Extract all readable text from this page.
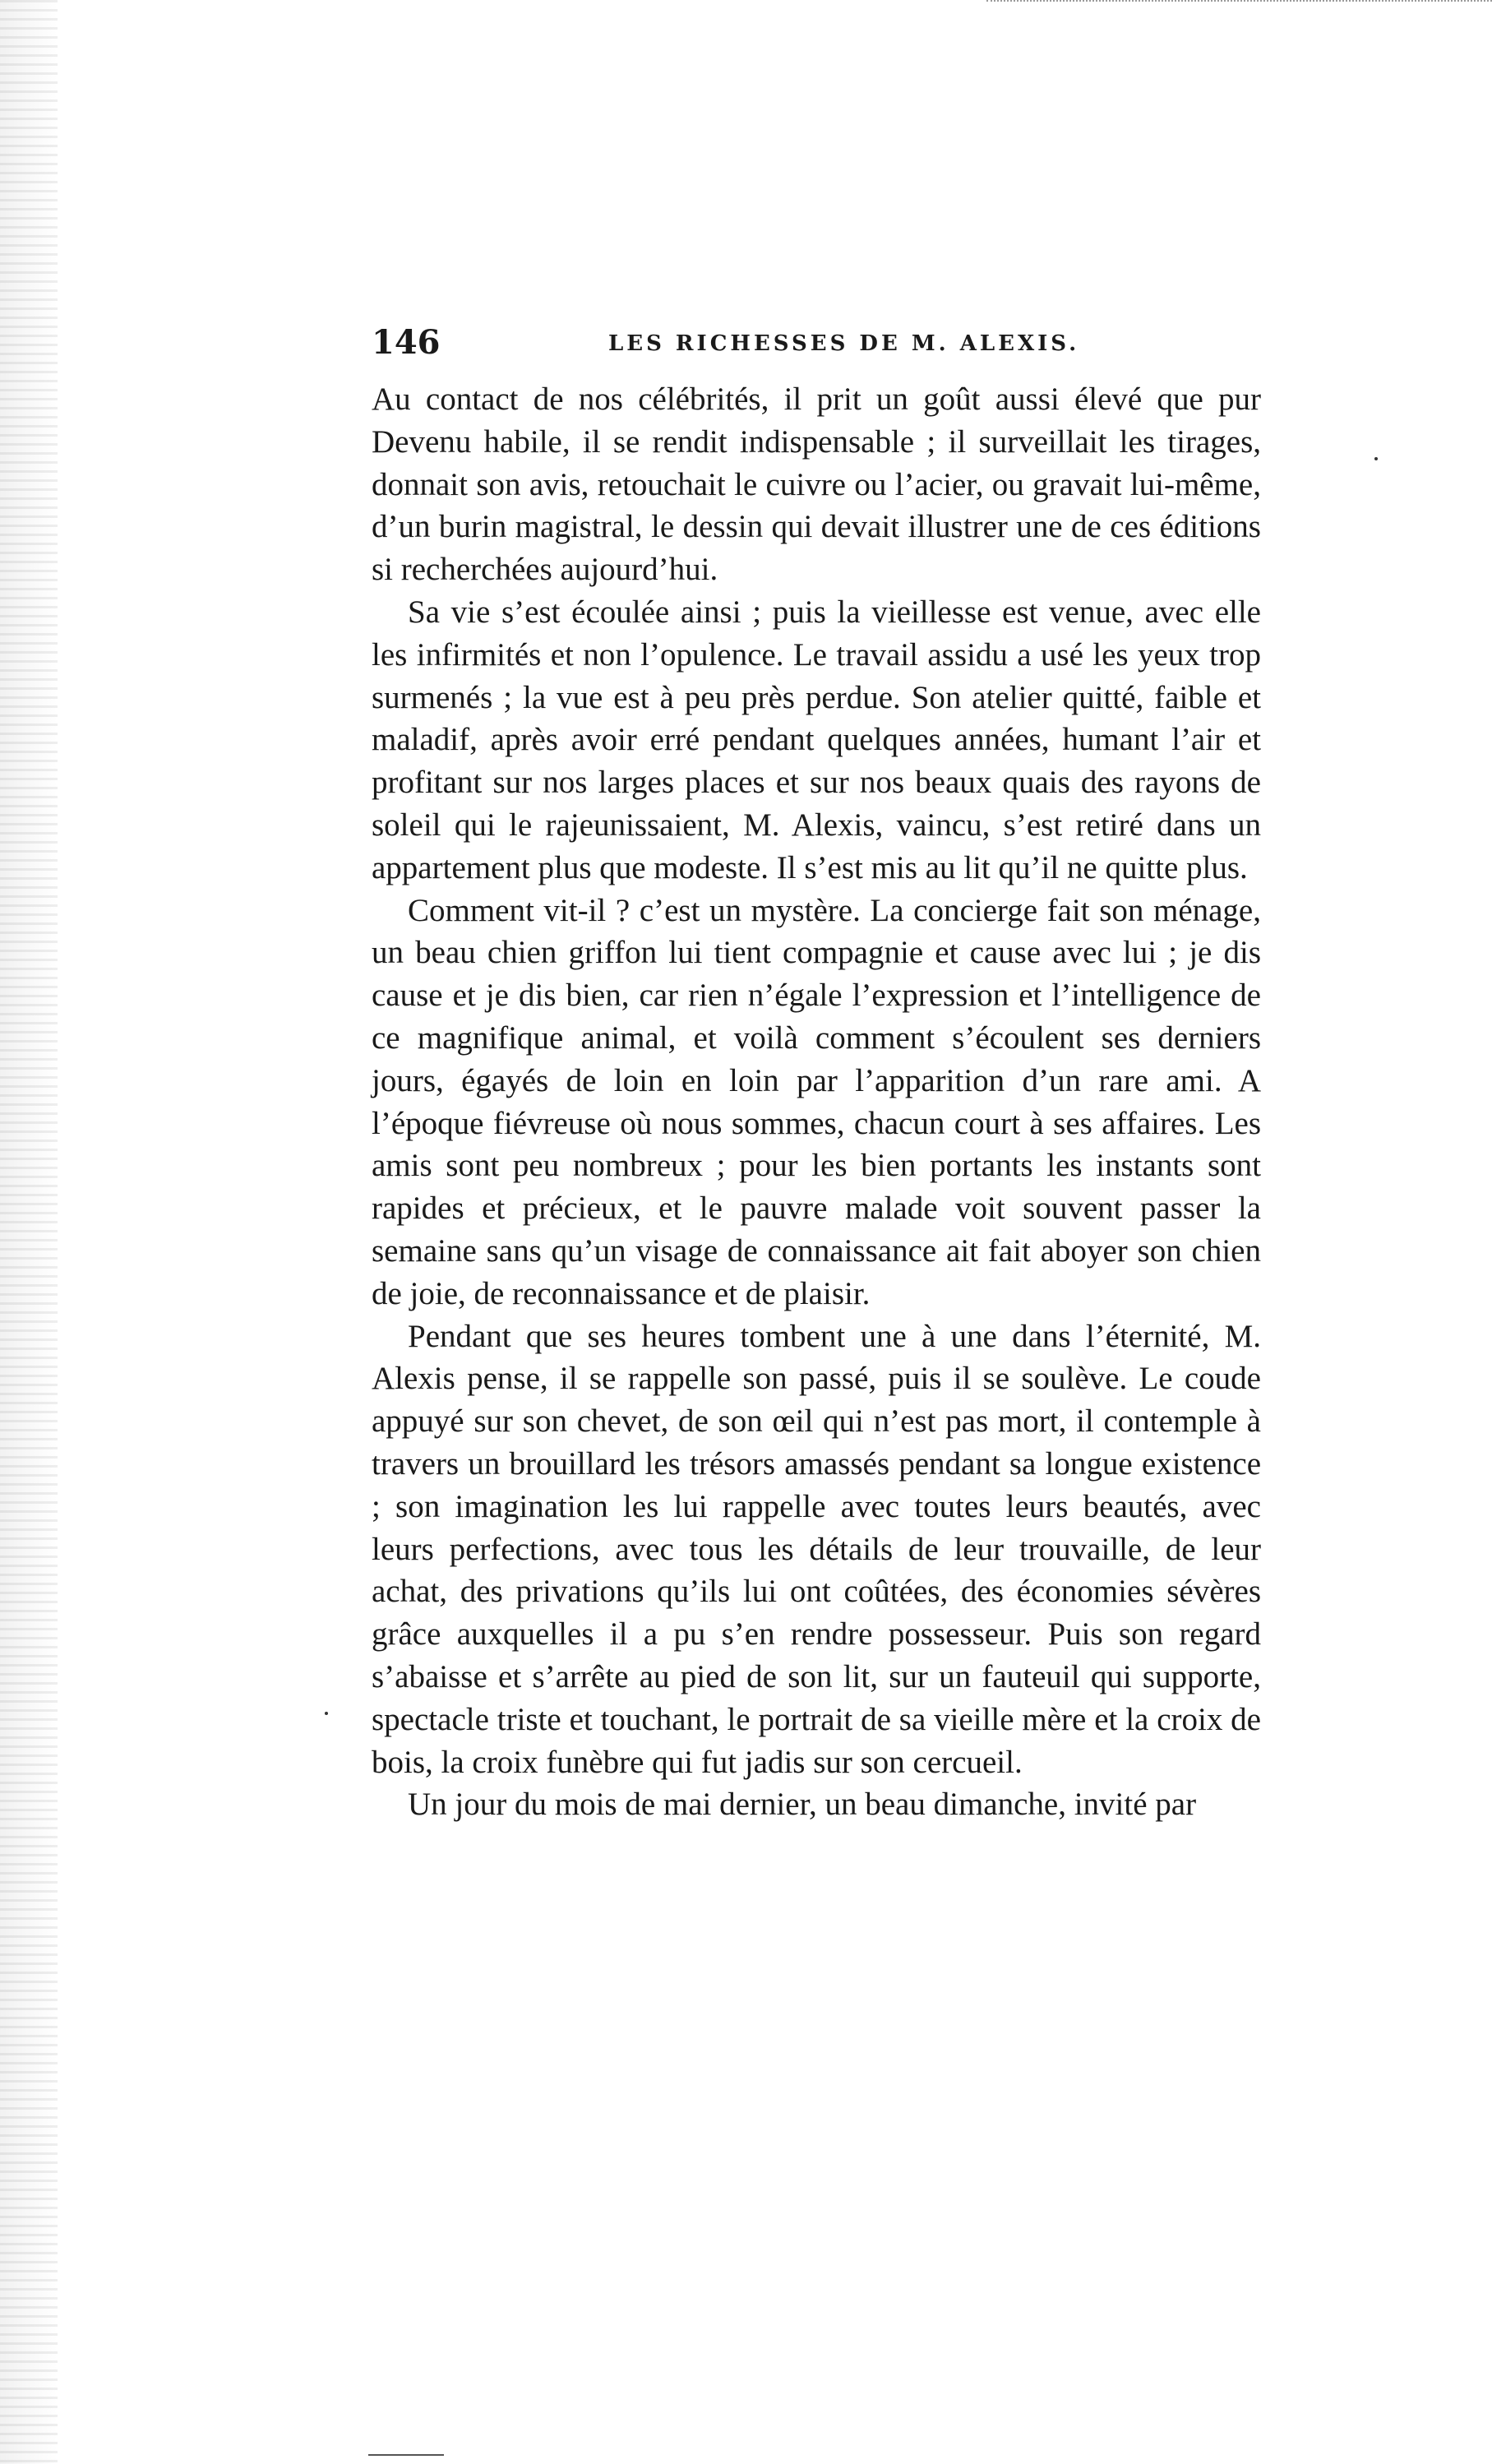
146	LES RICHESSES DE M. ALEXIS.

Au contact de nos célébrités, il prit un goût aussi élevé que pur Devenu habile, il se rendit indispensable ; il surveillait les tirages, donnait son avis, retouchait le cuivre ou l’acier, ou gravait lui-même, d’un burin magistral, le dessin qui devait illustrer une de ces éditions si recherchées aujourd’hui.

Sa vie s’est écoulée ainsi ; puis la vieillesse est venue, avec elle les infirmités et non l’opulence. Le travail assidu a usé les yeux trop surmenés ; la vue est à peu près perdue. Son atelier quitté, faible et maladif, après avoir erré pendant quelques années, humant l’air et profitant sur nos larges places et sur nos beaux quais des rayons de soleil qui le rajeunissaient, M. Alexis, vaincu, s’est retiré dans un appartement plus que modeste. Il s’est mis au lit qu’il ne quitte plus.

Comment vit-il ? c’est un mystère. La concierge fait son ménage, un beau chien griffon lui tient compagnie et cause avec lui ; je dis cause et je dis bien, car rien n’égale l’expression et l’intelligence de ce magnifique animal, et voilà comment s’écoulent ses derniers jours, égayés de loin en loin par l’apparition d’un rare ami. A l’époque fiévreuse où nous sommes, chacun court à ses affaires. Les amis sont peu nombreux ; pour les bien portants les instants sont rapides et précieux, et le pauvre malade voit souvent passer la semaine sans qu’un visage de connaissance ait fait aboyer son chien de joie, de reconnaissance et de plaisir.

Pendant que ses heures tombent une à une dans l’éternité, M. Alexis pense, il se rappelle son passé, puis il se soulève. Le coude appuyé sur son chevet, de son œil qui n’est pas mort, il contemple à travers un brouillard les trésors amassés pendant sa longue existence ; son imagination les lui rappelle avec toutes leurs beautés, avec leurs perfections, avec tous les détails de leur trouvaille, de leur achat, des privations qu’ils lui ont coûtées, des économies sévères grâce auxquelles il a pu s’en rendre possesseur. Puis son regard s’abaisse et s’arrête au pied de son lit, sur un fauteuil qui supporte, spectacle triste et touchant, le portrait de sa vieille mère et la croix de bois, la croix funèbre qui fut jadis sur son cercueil.

Un jour du mois de mai dernier, un beau dimanche, invité par
